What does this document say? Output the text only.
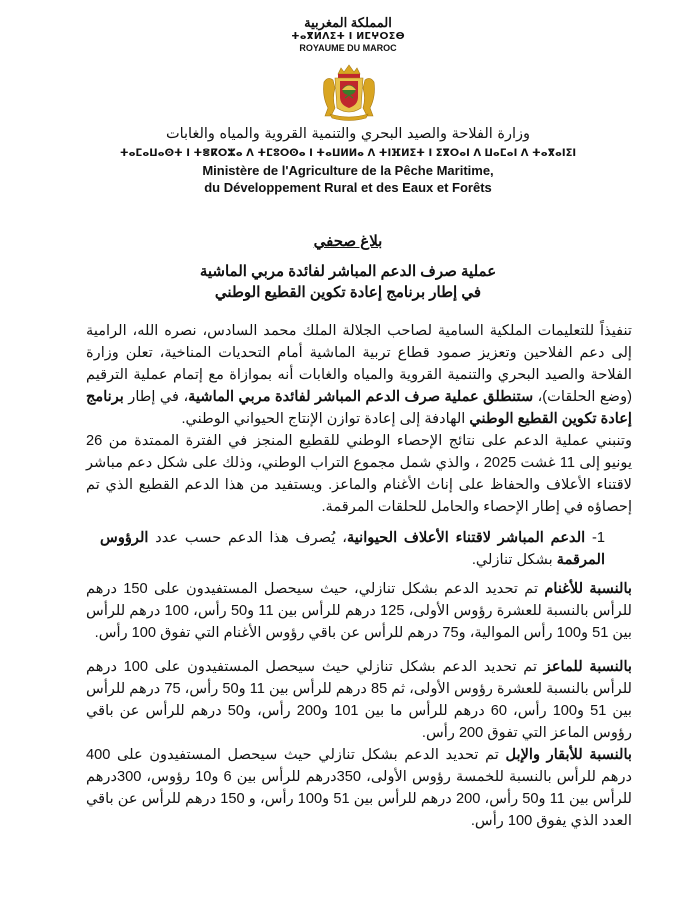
المملكة المغربية
ⵜⴰⴳⵍⴷⵉⵜ ⵏ ⵍⵎⵖⵔⵉⴱ
ROYAUME DU MAROC
وزارة الفلاحة والصيد البحري والتنمية القروية والمياه والغابات
ⵜⴰⵎⴰⵡⴰⵙⵜ ⵏ ⵜⴻⴽⵔⵣⴰ ⴷ ⵜⵎⵓⵔⵙⴰ ⵏ ⵜⴰⵡⵍⵍⴰ ⴷ ⵜⵏⴼⵍⵉⵜ ⵏ ⵉⴳⵔⴰⵏ ⴷ ⵡⴰⵎⴰⵏ ⴷ ⵜⴰⴳⴰⵏⵉⵏ
Ministère de l'Agriculture de la Pêche Maritime,
du Développement Rural et des Eaux et Forêts
بلاغ صحفي
عملية صرف الدعم المباشر لفائدة مربي الماشية
في إطار برنامج إعادة تكوين القطيع الوطني
تنفيذاً للتعليمات الملكية السامية لصاحب الجلالة الملك محمد السادس، نصره الله، الرامية إلى دعم الفلاحين وتعزيز صمود قطاع تربية الماشية أمام التحديات المناخية، تعلن وزارة الفلاحة والصيد البحري والتنمية القروية والمياه والغابات أنه بموازاة مع إتمام عملية الترقيم (وضع الحلقات)، ستنطلق عملية صرف الدعم المباشر لفائدة مربي الماشية، في إطار برنامج إعادة تكوين القطيع الوطني الهادفة إلى إعادة توازن الإنتاج الحيواني الوطني.
وتنبني عملية الدعم على نتائج الإحصاء الوطني للقطيع المنجز في الفترة الممتدة من 26 يونيو إلى 11 غشت 2025 ، والذي شمل مجموع التراب الوطني، وذلك على شكل دعم مباشر لاقتناء الأعلاف والحفاظ على إناث الأغنام والماعز. ويستفيد من هذا الدعم القطيع الذي تم إحصاؤه في إطار الإحصاء والحامل للحلقات المرقمة.
1- الدعم المباشر لاقتناء الأعلاف الحيوانية، يُصرف هذا الدعم حسب عدد الرؤوس المرقمة بشكل تنازلي.
بالنسبة للأغنام تم تحديد الدعم بشكل تنازلي، حيث سيحصل المستفيدون على 150 درهم للرأس بالنسبة للعشرة رؤوس الأولى، 125 درهم للرأس بين 11 و50 رأس، 100 درهم للرأس بين 51 و100 رأس الموالية، و75 درهم للرأس عن باقي رؤوس الأغنام التي تفوق 100 رأس.
بالنسبة للماعز تم تحديد الدعم بشكل تنازلي حيث سيحصل المستفيدون على 100 درهم للرأس بالنسبة للعشرة رؤوس الأولى، ثم 85 درهم للرأس بين 11 و50 رأس، 75 درهم للرأس بين 51 و100 رأس، 60 درهم للرأس ما بين 101 و200 رأس، و50 درهم للرأس عن باقي رؤوس الماعز التي تفوق 200 رأس.
بالنسبة للأبقار والإبل تم تحديد الدعم بشكل تنازلي حيث سيحصل المستفيدون على 400 درهم للرأس بالنسبة للخمسة رؤوس الأولى، 350درهم للرأس بين 6 و10 رؤوس، 300درهم للرأس بين 11 و50 رأس، 200 درهم للرأس بين 51 و100 رأس، و 150 درهم للرأس عن باقي العدد الذي يفوق 100 رأس.
